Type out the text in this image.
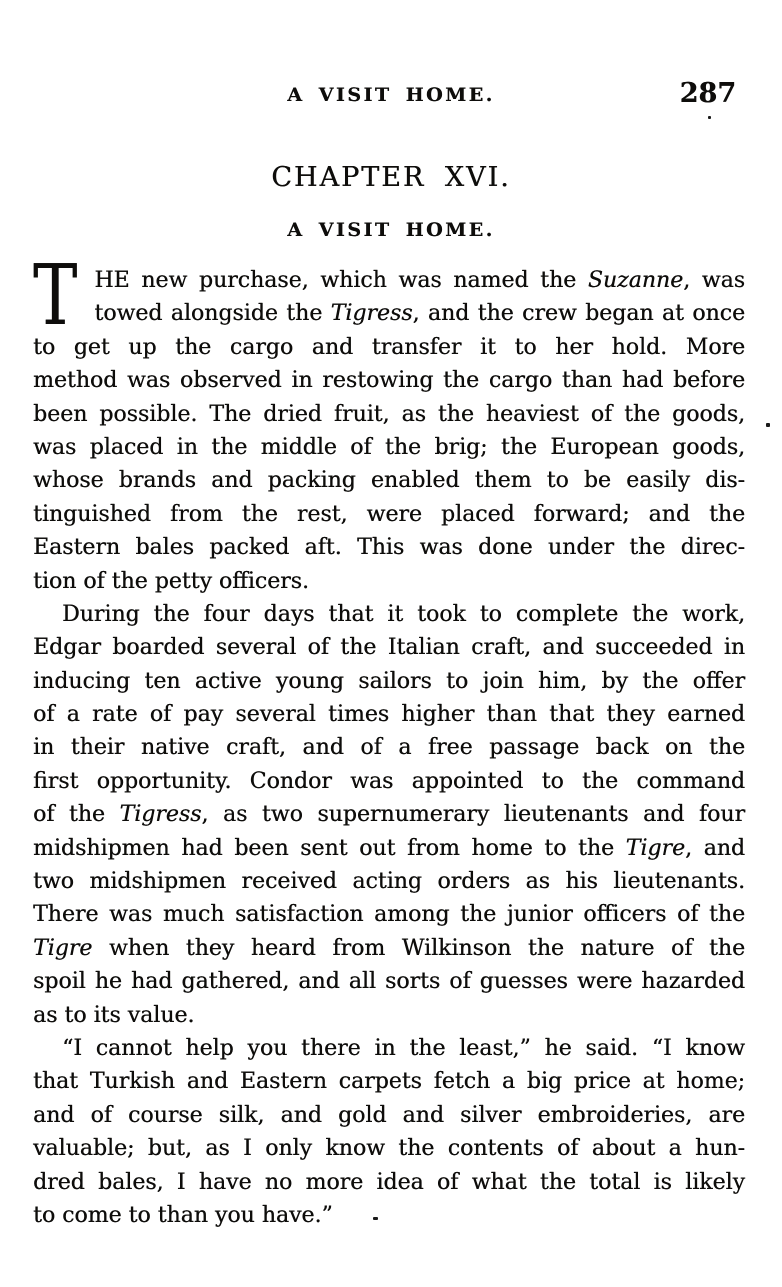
A VISIT HOME.	287
CHAPTER XVI.
A VISIT HOME.
T HE new purchase, which was named the Suzanne, was
towed alongside the Tigress, and the crew began at once
to get up the cargo and transfer it to her hold. More
method was observed in restowing the cargo than had before
been possible. The dried fruit, as the heaviest of the goods,
was placed in the middle of the brig; the European goods,
whose brands and packing enabled them to be easily dis-
tinguished from the rest, were placed forward; and the
Eastern bales packed aft. This was done under the direc-
tion of the petty officers.
During the four days that it took to complete the work,
Edgar boarded several of the Italian craft, and succeeded in
inducing ten active young sailors to join him, by the offer
of a rate of pay several times higher than that they earned
in their native craft, and of a free passage back on the
first opportunity. Condor was appointed to the command
of the Tigress, as two supernumerary lieutenants and four
midshipmen had been sent out from home to the Tigre, and
two midshipmen received acting orders as his lieutenants.
There was much satisfaction among the junior officers of the
Tigre when they heard from Wilkinson the nature of the
spoil he had gathered, and all sorts of guesses were hazarded
as to its value.
“I cannot help you there in the least,” he said. “I know
that Turkish and Eastern carpets fetch a big price at home;
and of course silk, and gold and silver embroideries, are
valuable; but, as I only know the contents of about a hun-
dred bales, I have no more idea of what the total is likely
to come to than you have.”
